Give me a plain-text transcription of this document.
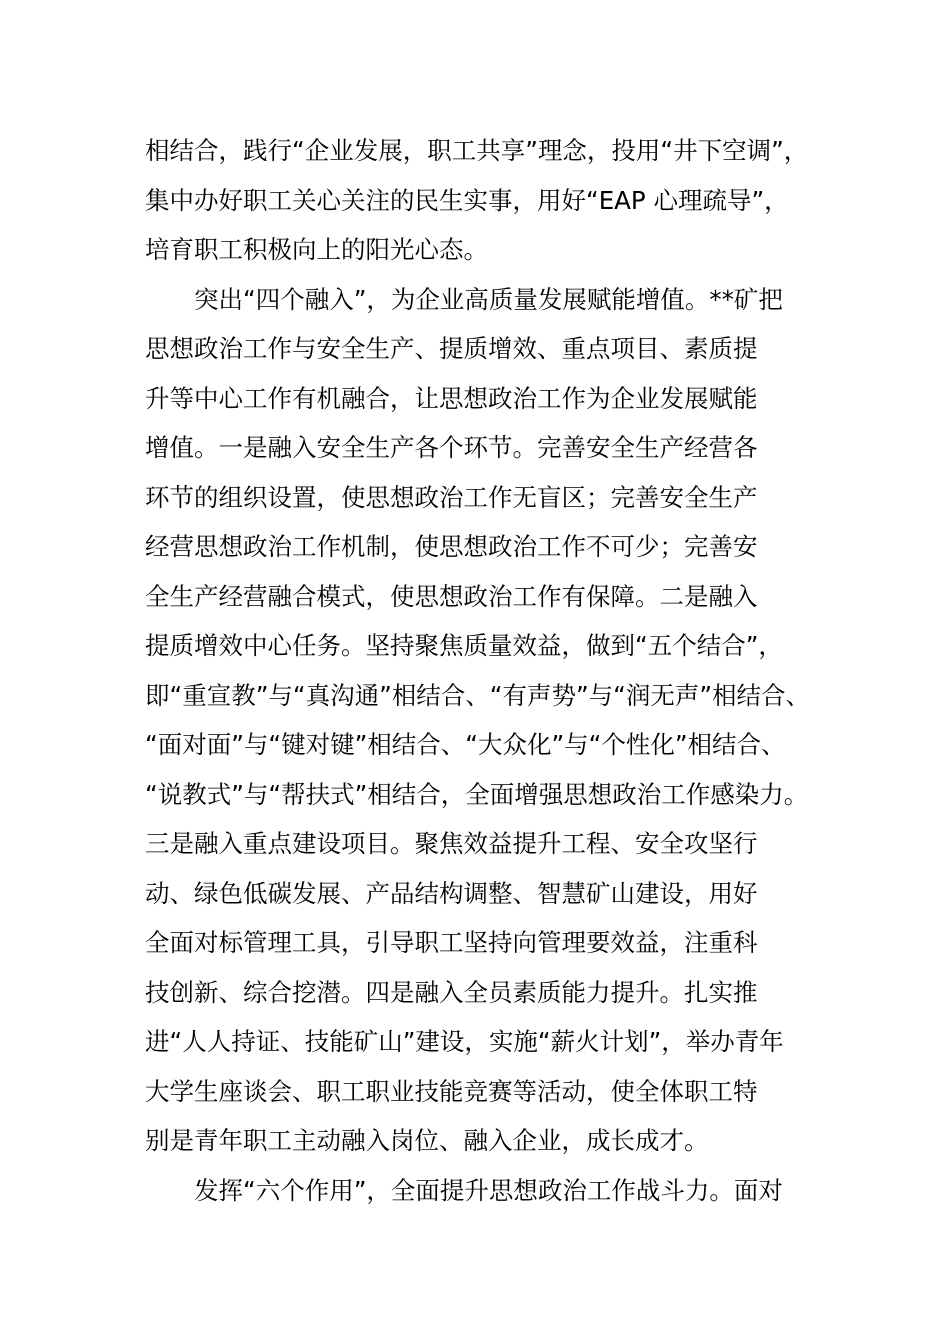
相结合，践行“企业发展，职工共享”理念，投用“井下空调”，
集中办好职工关心关注的民生实事，用好“EAP 心理疏导”，
培育职工积极向上的阳光心态。
突出“四个融入”，为企业高质量发展赋能增值。**矿把
思想政治工作与安全生产、提质增效、重点项目、素质提
升等中心工作有机融合，让思想政治工作为企业发展赋能
增值。一是融入安全生产各个环节。完善安全生产经营各
环节的组织设置，使思想政治工作无盲区；完善安全生产
经营思想政治工作机制，使思想政治工作不可少；完善安
全生产经营融合模式，使思想政治工作有保障。二是融入
提质增效中心任务。坚持聚焦质量效益，做到“五个结合”，
即“重宣教”与“真沟通”相结合、“有声势”与“润无声”相结合、
“面对面”与“键对键”相结合、“大众化”与“个性化”相结合、
“说教式”与“帮扶式”相结合，全面增强思想政治工作感染力。
三是融入重点建设项目。聚焦效益提升工程、安全攻坚行
动、绿色低碳发展、产品结构调整、智慧矿山建设，用好
全面对标管理工具，引导职工坚持向管理要效益，注重科
技创新、综合挖潜。四是融入全员素质能力提升。扎实推
进“人人持证、技能矿山”建设，实施“薪火计划”，举办青年
大学生座谈会、职工职业技能竞赛等活动，使全体职工特
别是青年职工主动融入岗位、融入企业，成长成才。
发挥“六个作用”，全面提升思想政治工作战斗力。面对
